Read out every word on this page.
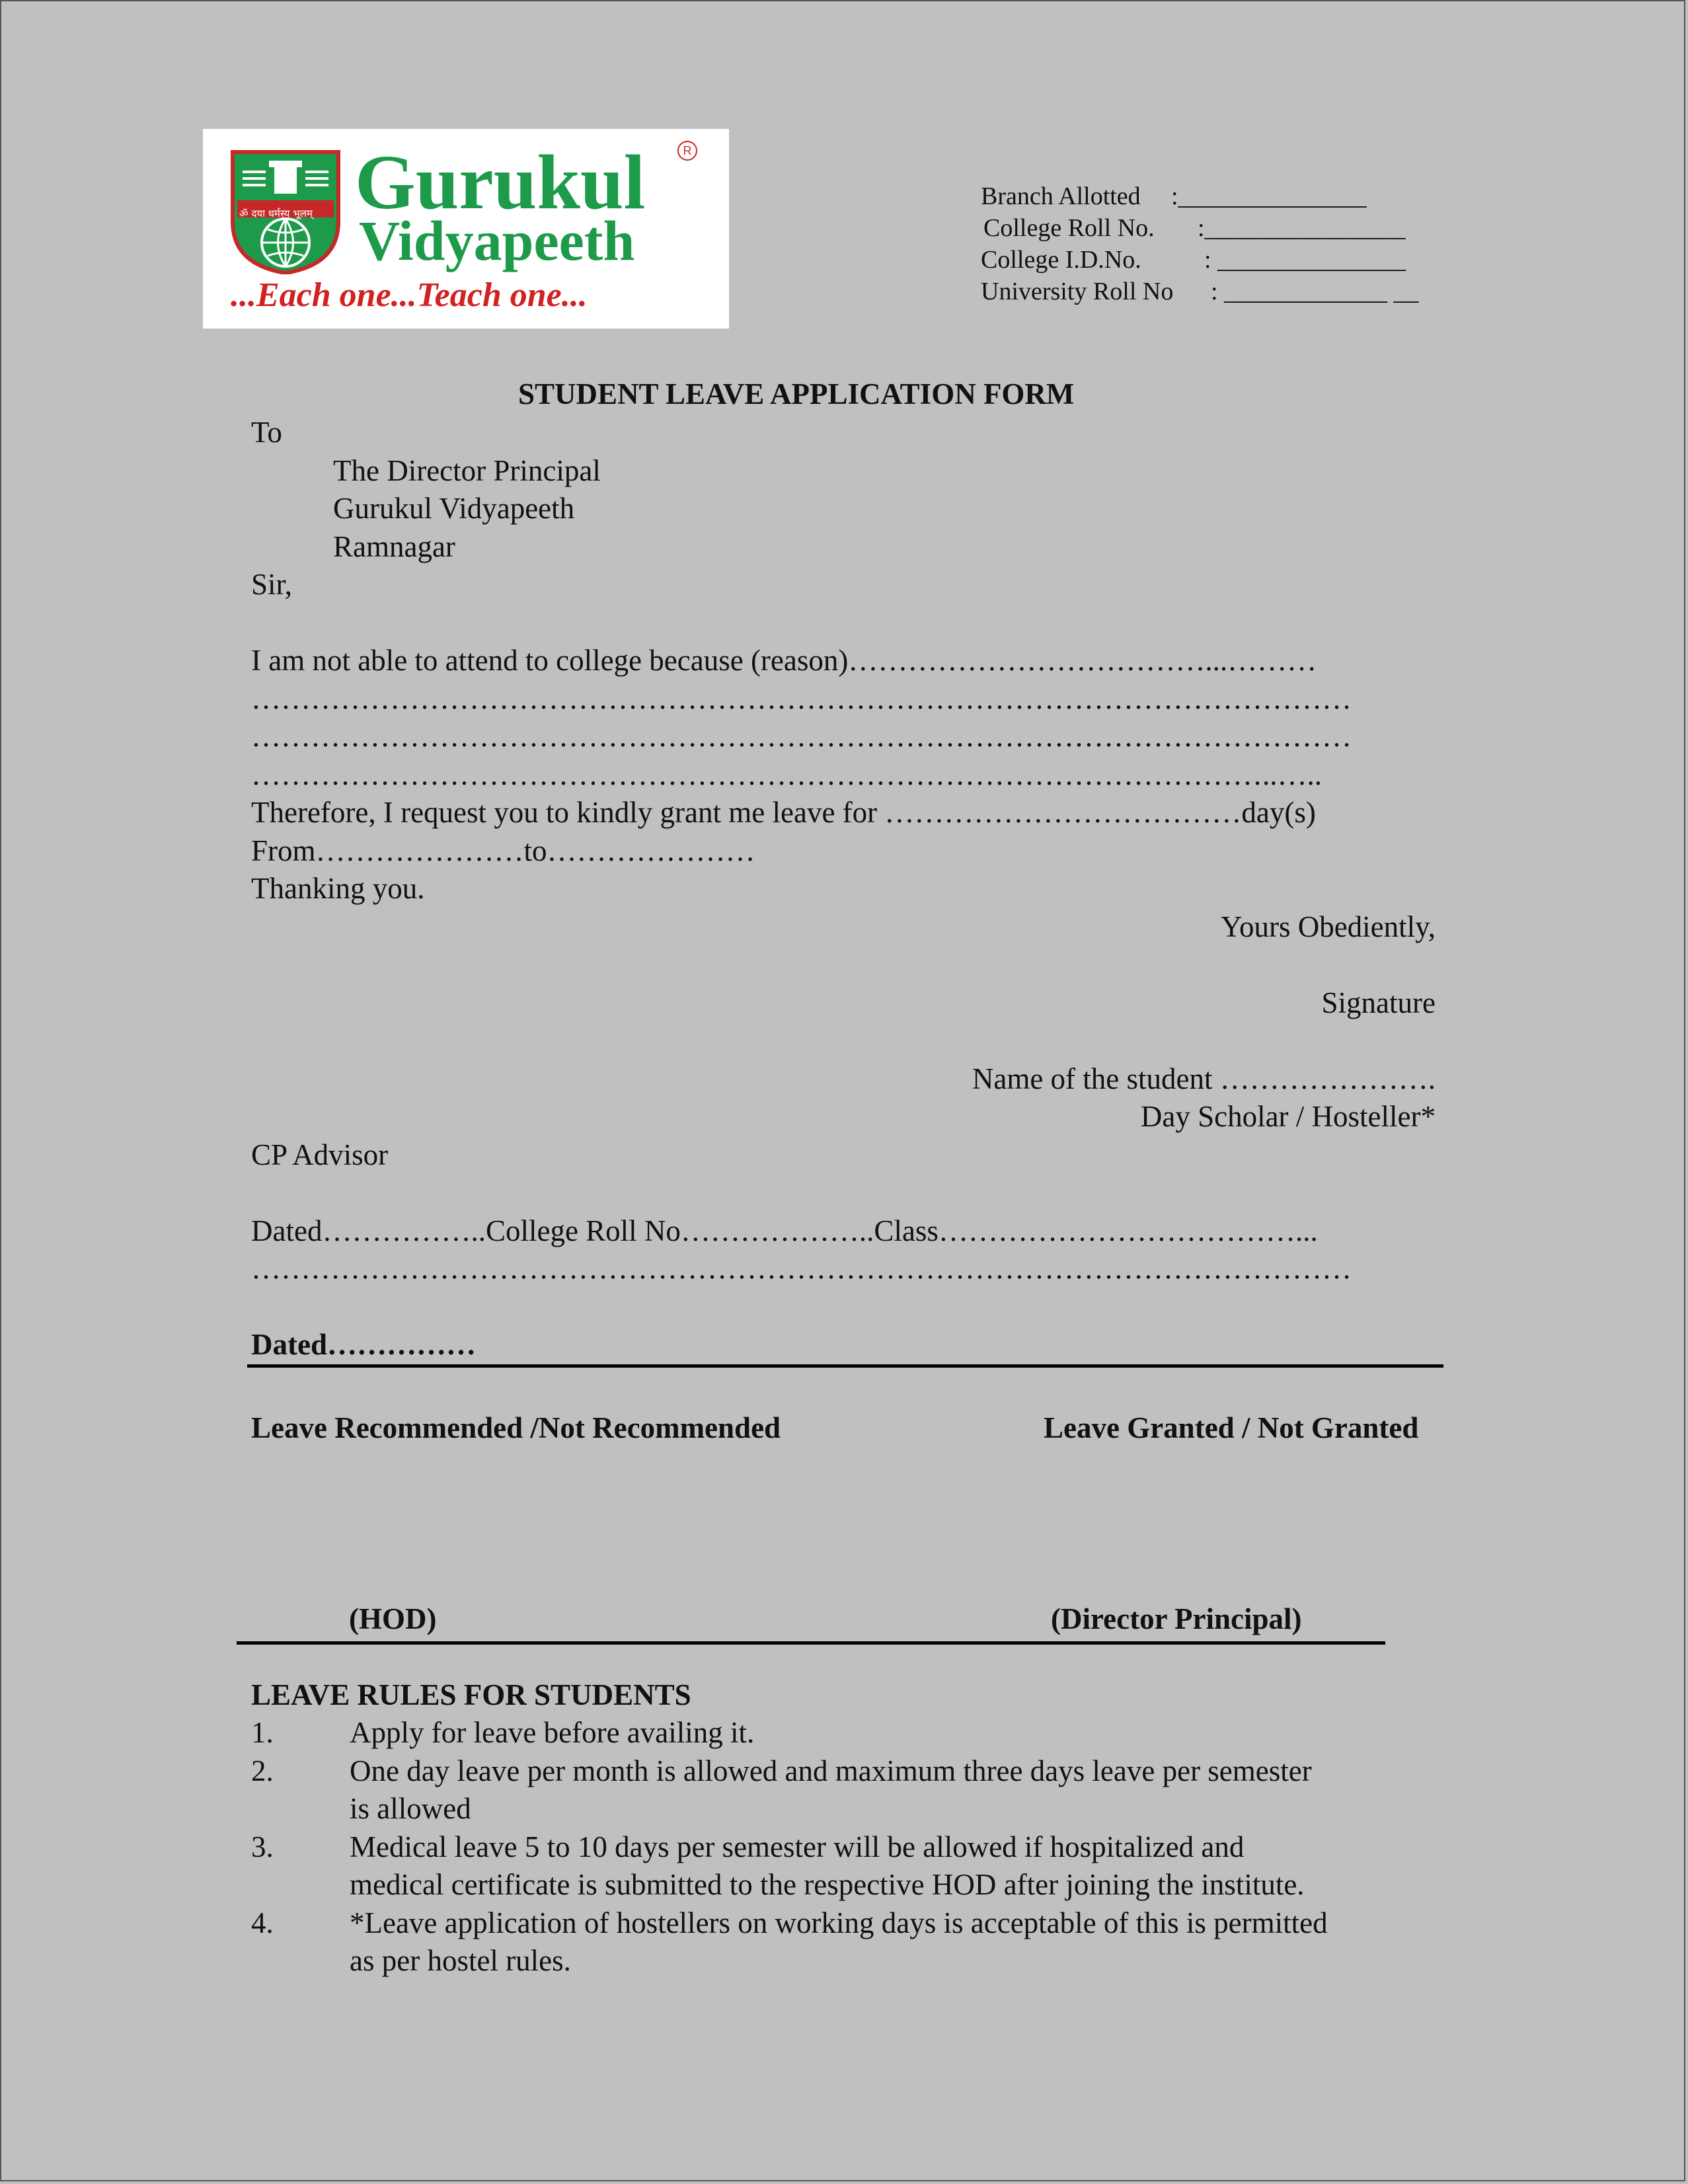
ॐ दया धर्मस्य भूलम् Gurukul
Vidyapeeth
R
...Each one...Teach one...
Branch Allotted :_______________
College Roll No. :________________
College I.D.No.	: _______________
University Roll No : _____________ __
STUDENT LEAVE APPLICATION FORM
To
The Director Principal
Gurukul Vidyapeeth
Ramnagar
Sir,
I am not able to attend to college because (reason)………………………………...………
…………………………………………………………………………………………………
…………………………………………………………………………………………………
…………………………………………………………………………………………..…..
Therefore, I request you to kindly grant me leave for ………………………………day(s)
From…………………to…………………
Thanking you.
Yours Obediently,
Signature
Name of the student ………………….
Day Scholar / Hosteller*
CP Advisor
Dated……………..College Roll No………………..Class………………………………...
…………………………………………………………………………………………………
Dated……………
Leave Recommended /Not Recommended	Leave Granted / Not Granted
(HOD)	(Director Principal)
LEAVE RULES FOR STUDENTS
1.	Apply for leave before availing it.
2.	One day leave per month is allowed and maximum three days leave per semester
is allowed
3.	Medical leave 5 to 10 days per semester will be allowed if hospitalized and
medical certificate is submitted to the respective HOD after joining the institute.
4.	*Leave application of hostellers on working days is acceptable of this is permitted
as per hostel rules.
